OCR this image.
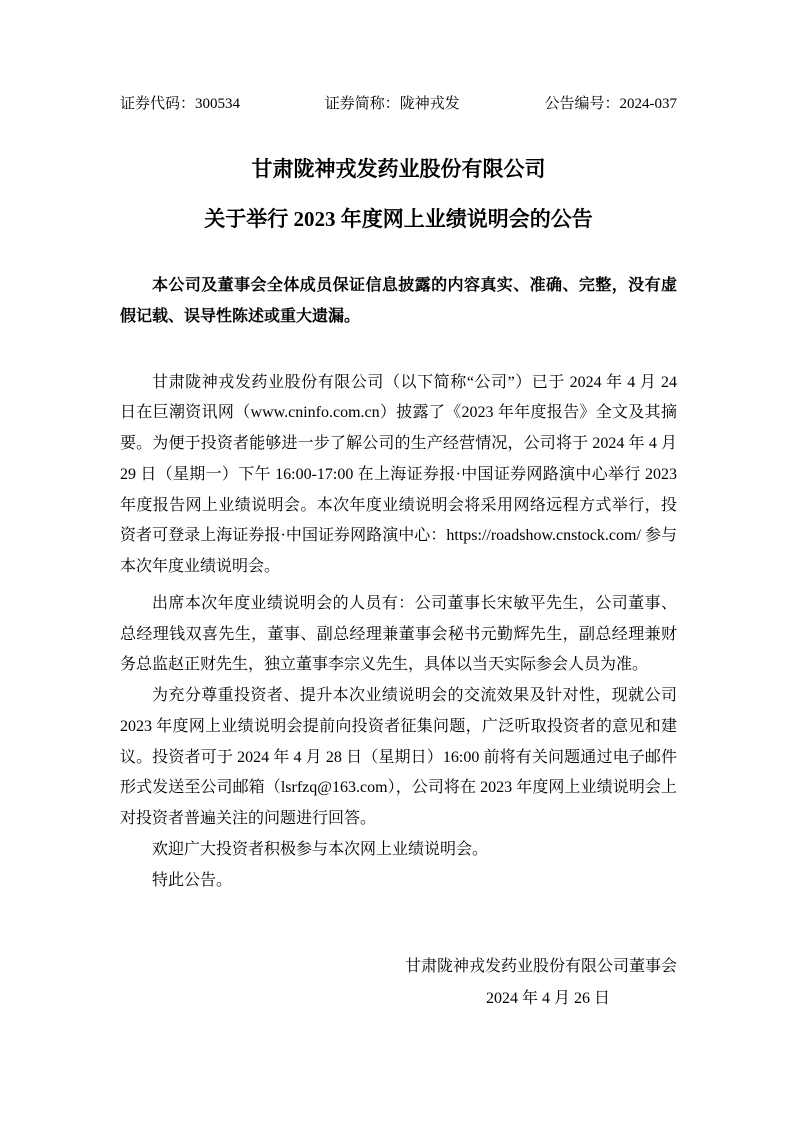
证券代码：300534	证券简称：陇神戎发	公告编号：2024-037
甘肃陇神戎发药业股份有限公司
关于举行 2023 年度网上业绩说明会的公告
本公司及董事会全体成员保证信息披露的内容真实、准确、完整，没有虚假记载、误导性陈述或重大遗漏。

甘肃陇神戎发药业股份有限公司（以下简称“公司”）已于 2024 年 4 月 24 日在巨潮资讯网（www.cninfo.com.cn）披露了《2023 年年度报告》全文及其摘要。为便于投资者能够进一步了解公司的生产经营情况，公司将于 2024 年 4 月 29 日（星期一）下午 16:00-17:00 在上海证券报·中国证券网路演中心举行 2023 年度报告网上业绩说明会。本次年度业绩说明会将采用网络远程方式举行，投资者可登录上海证券报·中国证券网路演中心：https://roadshow.cnstock.com/ 参与本次年度业绩说明会。

出席本次年度业绩说明会的人员有：公司董事长宋敏平先生，公司董事、总经理钱双喜先生，董事、副总经理兼董事会秘书元勤辉先生，副总经理兼财务总监赵正财先生，独立董事李宗义先生，具体以当天实际参会人员为准。

为充分尊重投资者、提升本次业绩说明会的交流效果及针对性，现就公司 2023 年度网上业绩说明会提前向投资者征集问题，广泛听取投资者的意见和建议。投资者可于 2024 年 4 月 28 日（星期日）16:00 前将有关问题通过电子邮件形式发送至公司邮箱（lsrfzq@163.com），公司将在 2023 年度网上业绩说明会上对投资者普遍关注的问题进行回答。

欢迎广大投资者积极参与本次网上业绩说明会。

特此公告。

甘肃陇神戎发药业股份有限公司董事会
2024 年 4 月 26 日
